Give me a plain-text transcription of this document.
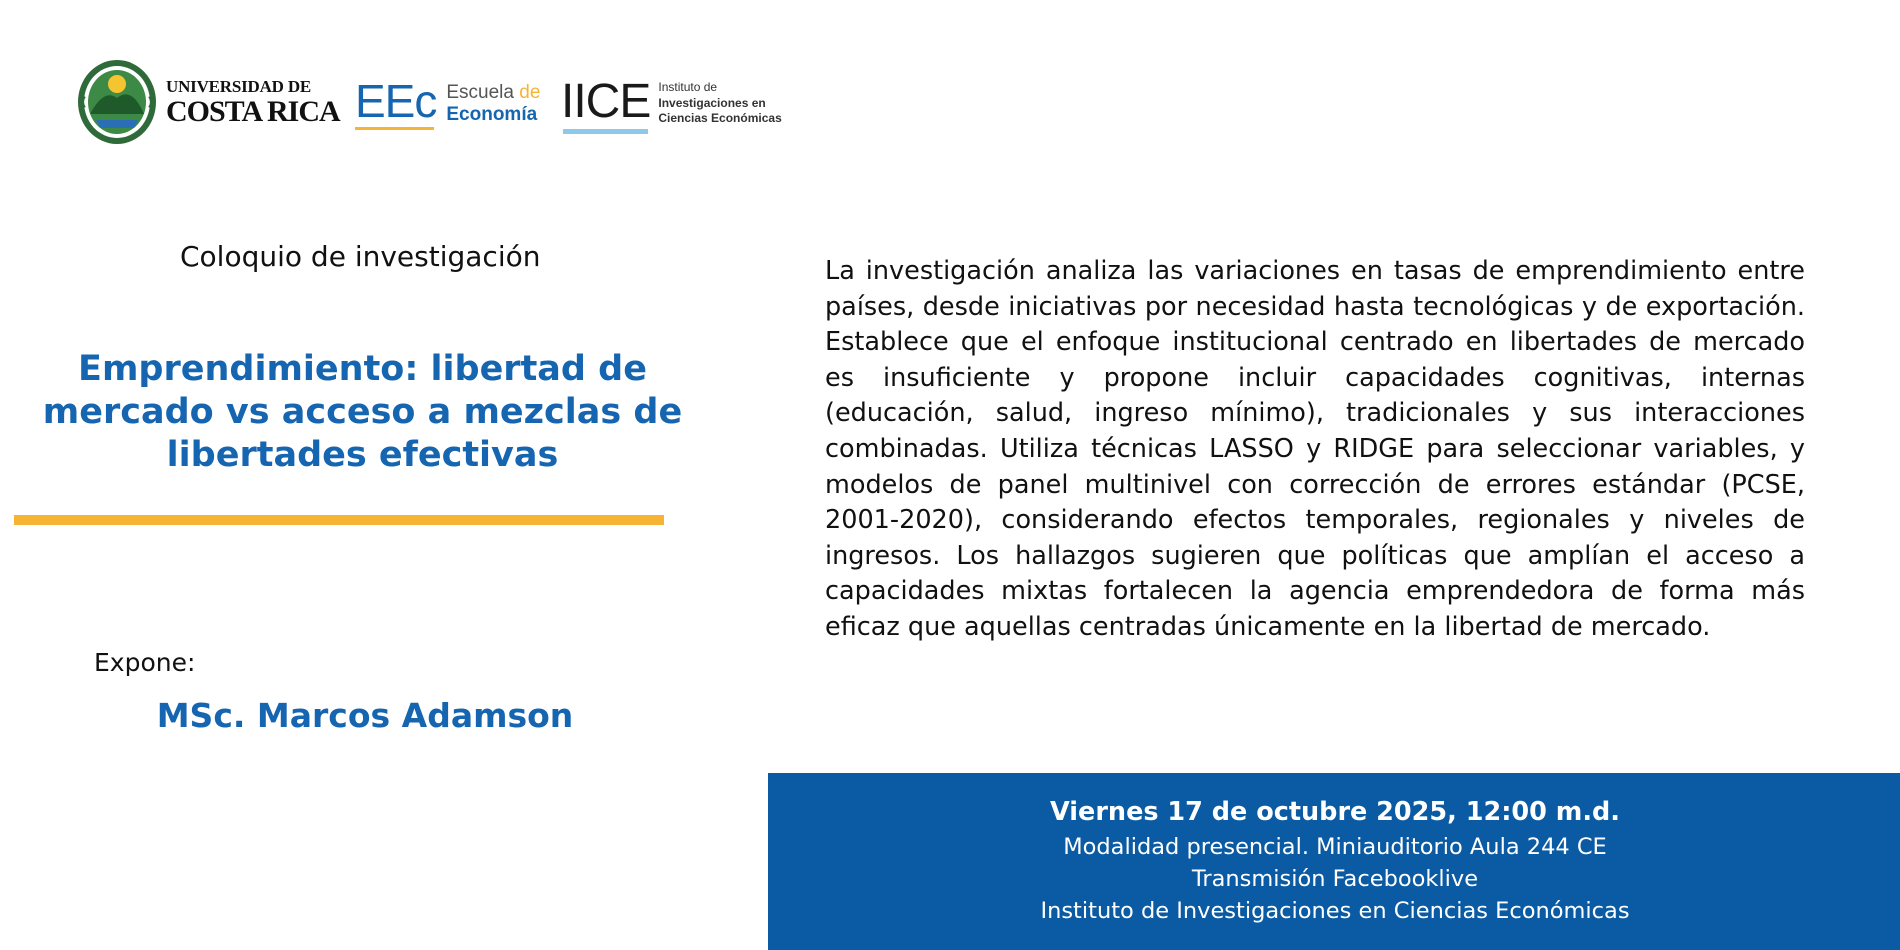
UNIVERSIDAD DE
COSTA RICA EEc Escuela de
Economía IICE Instituto de
Investigaciones en
Ciencias Económicas
Coloquio de investigación
Emprendimiento: libertad de mercado vs acceso a mezclas de libertades efectivas
Expone:
MSc. Marcos Adamson
La investigación analiza las variaciones en tasas de emprendimiento entre países, desde iniciativas por necesidad hasta tecnológicas y de exportación. Establece que el enfoque institucional centrado en libertades de mercado es insuficiente y propone incluir capacidades cognitivas, internas (educación, salud, ingreso mínimo), tradicionales y sus interacciones combinadas. Utiliza técnicas LASSO y RIDGE para seleccionar variables, y modelos de panel multinivel con corrección de errores estándar (PCSE, 2001-2020), considerando efectos temporales, regionales y niveles de ingresos. Los hallazgos sugieren que políticas que amplían el acceso a capacidades mixtas fortalecen la agencia emprendedora de forma más eficaz que aquellas centradas únicamente en la libertad de mercado.
Viernes 17 de octubre 2025, 12:00 m.d.
Modalidad presencial. Miniauditorio Aula 244 CE
Transmisión Facebooklive
Instituto de Investigaciones en Ciencias Económicas
